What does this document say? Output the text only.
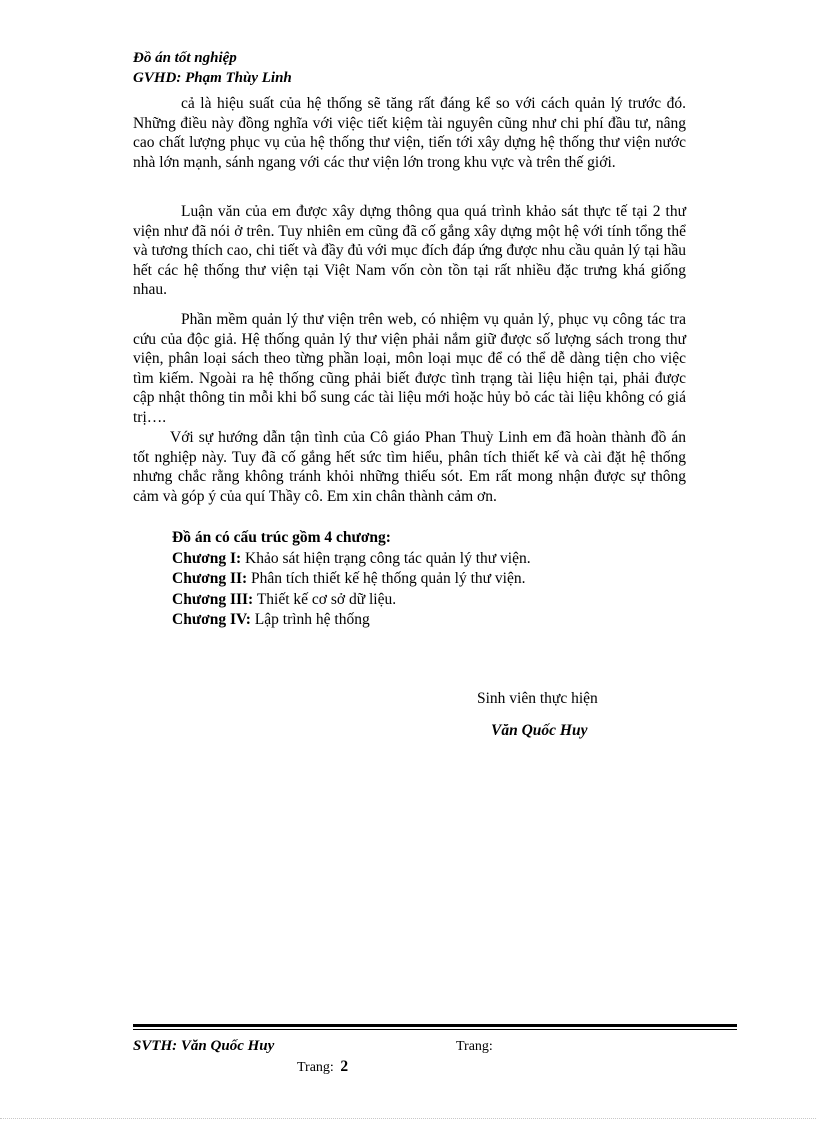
Đồ án tốt nghiệp
GVHD: Phạm Thùy Linh

cả là hiệu suất của hệ thống sẽ tăng rất đáng kể so với cách quản lý trước đó. Những điều này đồng nghĩa với việc tiết kiệm tài nguyên cũng như chi phí đầu tư, nâng cao chất lượng phục vụ của hệ thống thư viện, tiến tới xây dựng hệ thống thư viện nước nhà lớn mạnh, sánh ngang với các thư viện lớn trong khu vực và trên thế giới.

Luận văn của em được xây dựng thông qua quá trình khảo sát thực tế tại 2 thư viện như đã nói ở trên. Tuy nhiên em cũng đã cố gắng xây dựng một hệ với tính tổng thể và tương thích cao, chi tiết và đầy đủ với mục đích đáp ứng được nhu cầu quản lý tại hầu hết các hệ thống thư viện tại Việt Nam vốn còn tồn tại rất nhiều đặc trưng khá giống nhau.

Phần mềm quản lý thư viện trên web, có nhiệm vụ quản lý, phục vụ công tác tra cứu của độc giả. Hệ thống quản lý thư viện phải nắm giữ được số lượng sách trong thư viện, phân loại sách theo từng phần loại, môn loại mục để có thể dễ dàng tiện cho việc tìm kiếm. Ngoài ra hệ thống cũng phải biết được tình trạng tài liệu hiện tại, phải được cập nhật thông tin mỗi khi bổ sung các tài liệu mới hoặc hủy bỏ các tài liệu không có giá trị….

Với sự hướng dẫn tận tình của Cô giáo Phan Thuỳ Linh em đã hoàn thành đồ án tốt nghiệp này. Tuy đã cố gắng hết sức tìm hiểu, phân tích thiết kế và cài đặt hệ thống nhưng chắc rằng không tránh khỏi những thiếu sót. Em rất mong nhận được sự thông cảm và góp ý của quí Thầy cô. Em xin chân thành cảm ơn.

Đồ án có cấu trúc gồm 4 chương:
Chương I: Khảo sát hiện trạng công tác quản lý thư viện.
Chương II: Phân tích thiết kế hệ thống quản lý thư viện.
Chương III: Thiết kế cơ sở dữ liệu.
Chương IV: Lập trình hệ thống
Sinh viên thực hiện
Văn Quốc Huy
SVTH: Văn Quốc Huy	Trang:
Trang: 2
